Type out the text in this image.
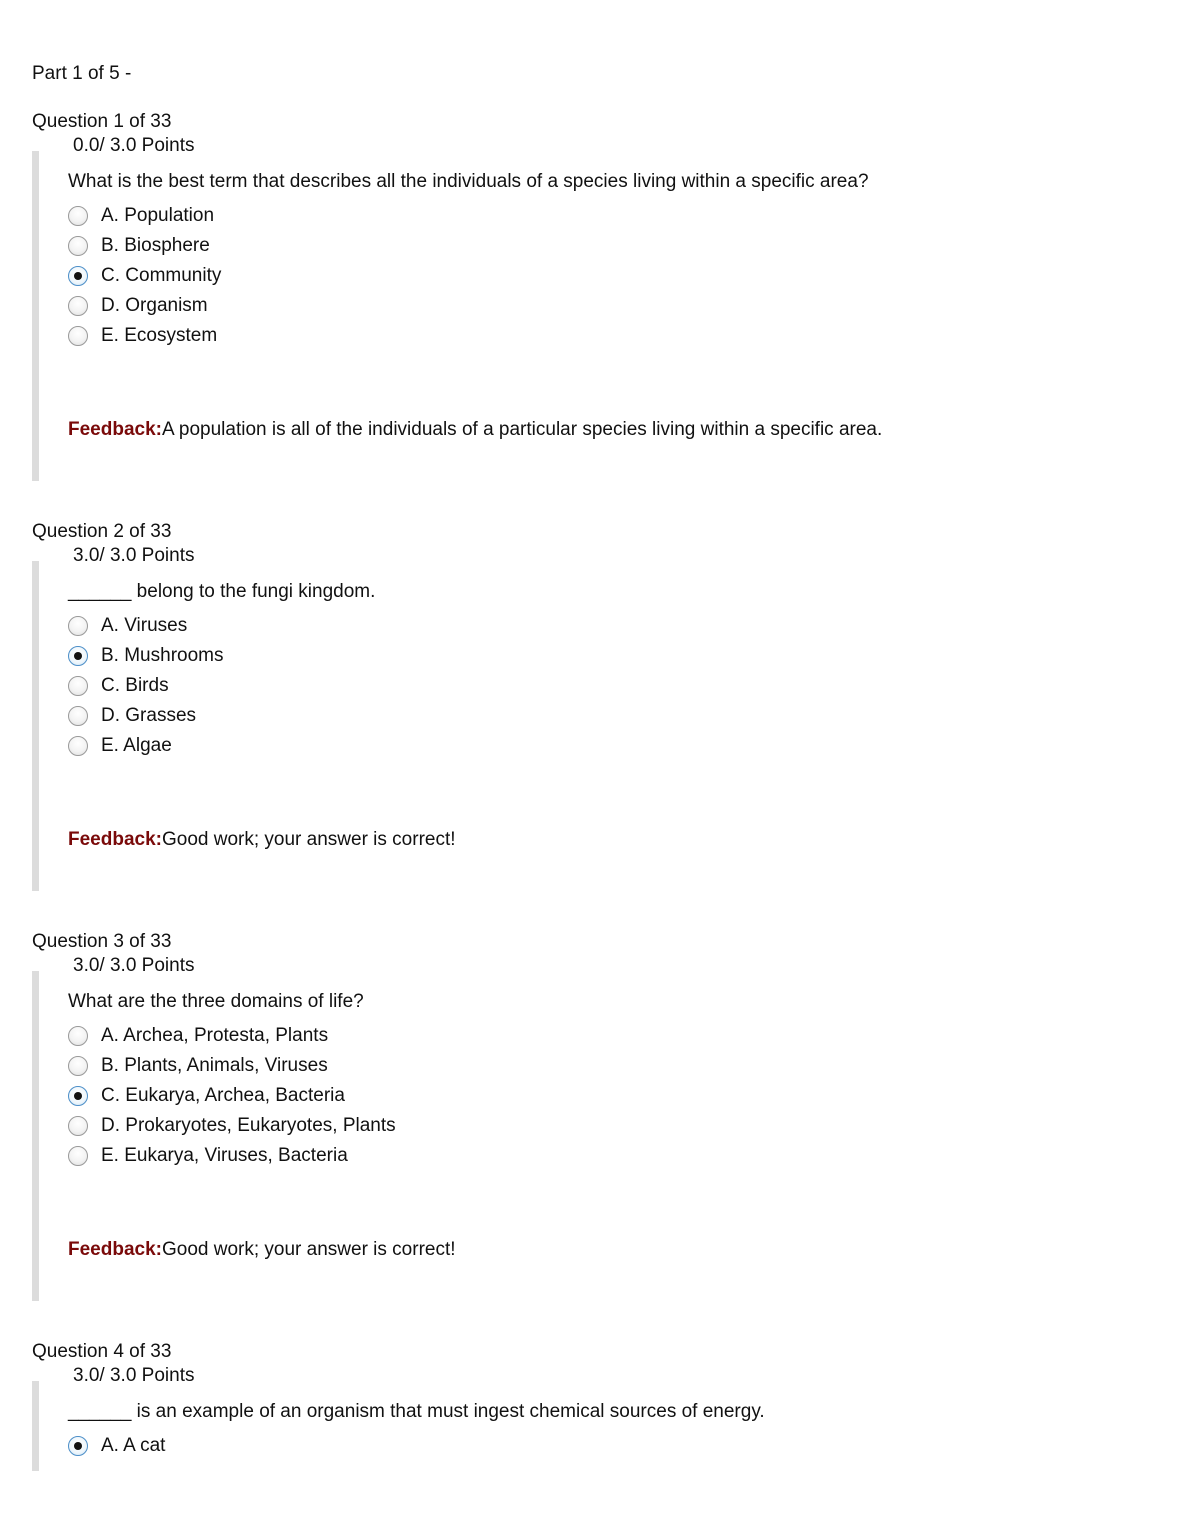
Part 1 of 5 -
Question 1 of 33
0.0/ 3.0 Points
What is the best term that describes all the individuals of a species living within a specific area?
A. Population
B. Biosphere
C. Community
D. Organism
E. Ecosystem
Feedback:A population is all of the individuals of a particular species living within a specific area.
Question 2 of 33
3.0/ 3.0 Points
______ belong to the fungi kingdom.
A. Viruses
B. Mushrooms
C. Birds
D. Grasses
E. Algae
Feedback:Good work; your answer is correct!
Question 3 of 33
3.0/ 3.0 Points
What are the three domains of life?
A. Archea, Protesta, Plants
B. Plants, Animals, Viruses
C. Eukarya, Archea, Bacteria
D. Prokaryotes, Eukaryotes, Plants
E. Eukarya, Viruses, Bacteria
Feedback:Good work; your answer is correct!
Question 4 of 33
3.0/ 3.0 Points
______ is an example of an organism that must ingest chemical sources of energy.
A. A cat
